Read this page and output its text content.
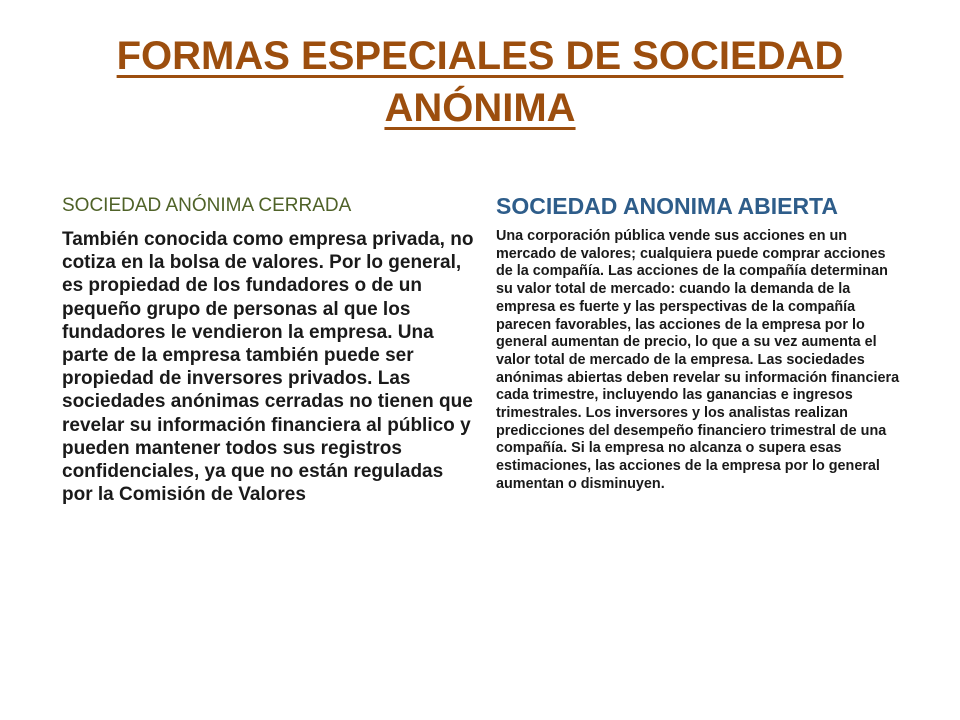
FORMAS ESPECIALES DE SOCIEDAD ANÓNIMA
SOCIEDAD ANÓNIMA CERRADA

También conocida como empresa privada, no cotiza en la bolsa de valores. Por lo general, es propiedad de los fundadores o de un pequeño grupo de personas al que los fundadores le vendieron la empresa. Una parte de la empresa también puede ser propiedad de inversores privados. Las sociedades anónimas cerradas no tienen que revelar su información financiera al público y pueden mantener todos sus registros confidenciales, ya que no están reguladas por la Comisión de Valores

SOCIEDAD ANONIMA ABIERTA

Una corporación pública vende sus acciones en un mercado de valores; cualquiera puede comprar acciones de la compañía. Las acciones de la compañía determinan su valor total de mercado: cuando la demanda de la empresa es fuerte y las perspectivas de la compañía parecen favorables, las acciones de la empresa por lo general aumentan de precio, lo que a su vez aumenta el valor total de mercado de la empresa. Las sociedades anónimas abiertas deben revelar su información financiera cada trimestre, incluyendo las ganancias e ingresos trimestrales. Los inversores y los analistas realizan predicciones del desempeño financiero trimestral de una compañía. Si la empresa no alcanza o supera esas estimaciones, las acciones de la empresa por lo general aumentan o disminuyen.
